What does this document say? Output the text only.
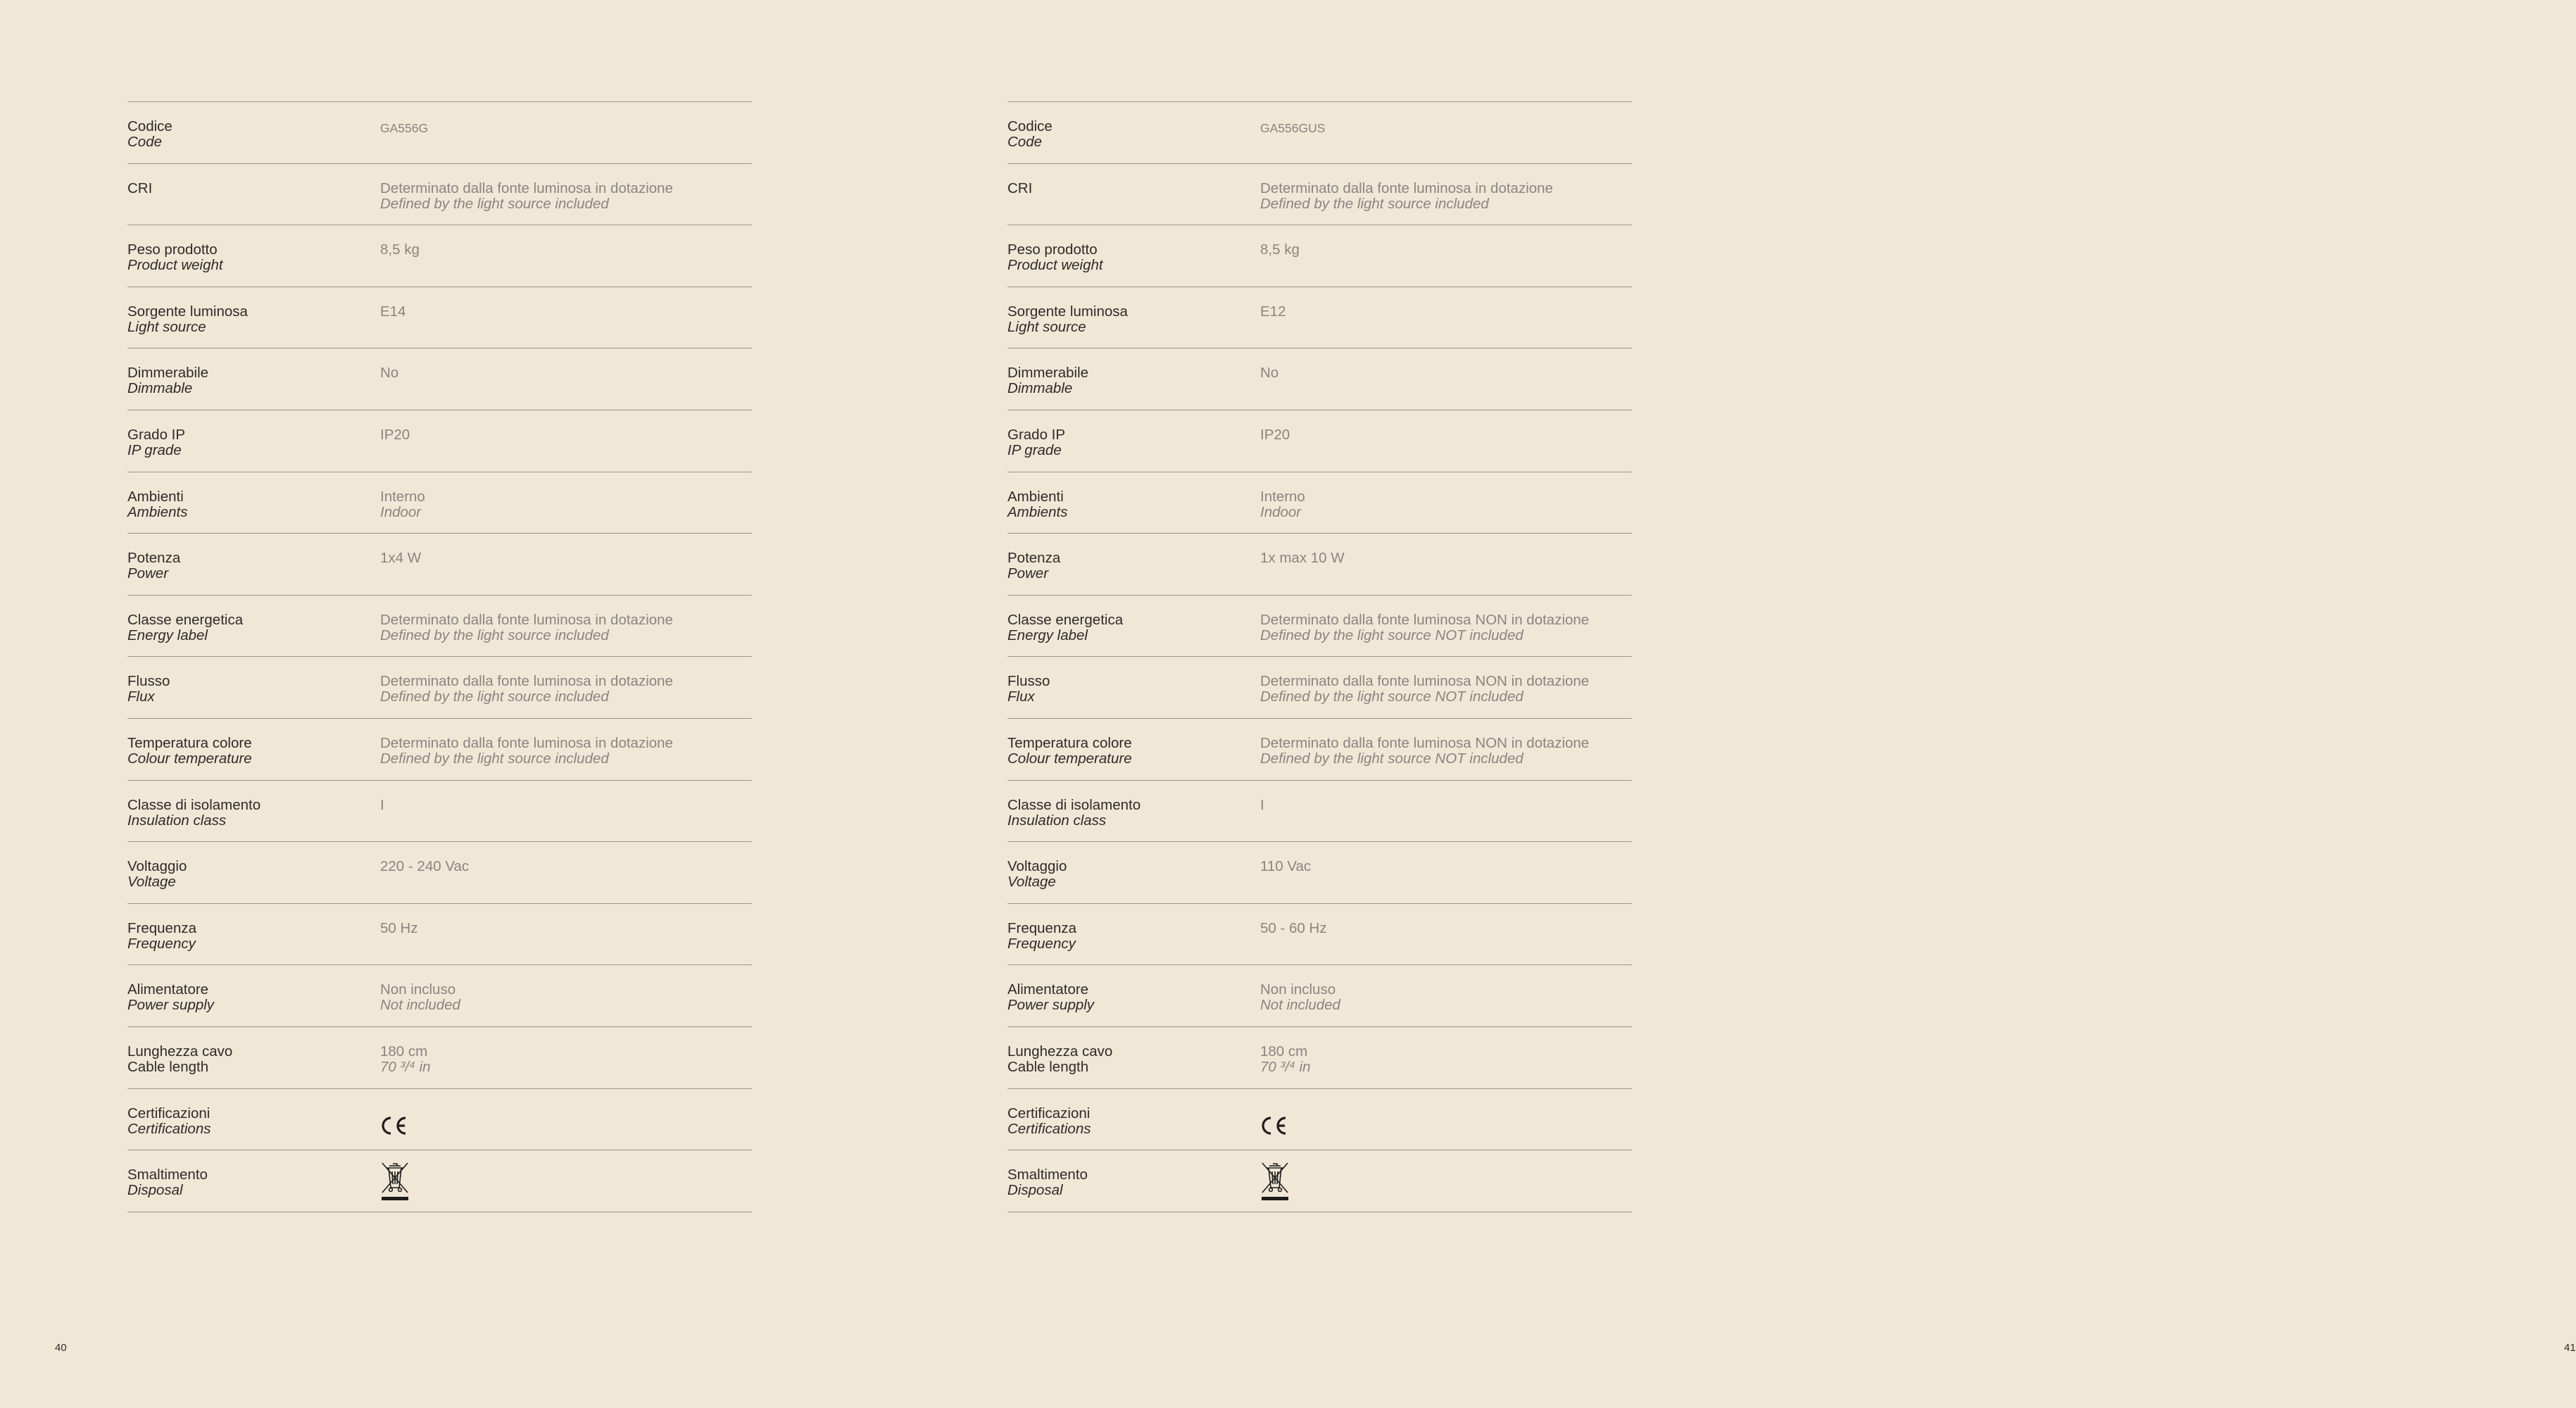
Codice
Code
GA556G
CRI	Determinato dalla fonte luminosa in dotazione
Defined by the light source included
Peso prodotto
Product weight
8,5 kg
Sorgente luminosa
Light source
E14
Dimmerabile
Dimmable
No
Grado IP
IP grade
IP20
Ambienti
Ambients
Interno
Indoor
Potenza
Power
1x4 W
Classe energetica
Energy label
Determinato dalla fonte luminosa in dotazione
Defined by the light source included
Flusso
Flux
Determinato dalla fonte luminosa in dotazione
Defined by the light source included
Temperatura colore
Colour temperature
Determinato dalla fonte luminosa in dotazione
Defined by the light source included
Classe di isolamento
Insulation class
I
Voltaggio
Voltage
220 - 240 Vac
Frequenza
Frequency
50 Hz
Alimentatore
Power supply
Non incluso
Not included
Lunghezza cavo
Cable length
180 cm
70 ³/⁴ in
Certificazioni
Certifications
Smaltimento
Disposal
40
Codice
Code
GA556GUS
CRI	Determinato dalla fonte luminosa in dotazione
Defined by the light source included
Peso prodotto
Product weight
8,5 kg
Sorgente luminosa
Light source
E12
Dimmerabile
Dimmable
No
Grado IP
IP grade
IP20
Ambienti
Ambients
Interno
Indoor
Potenza
Power
1x max 10 W
Classe energetica
Energy label
Determinato dalla fonte luminosa NON in dotazione
Defined by the light source NOT included
Flusso
Flux
Determinato dalla fonte luminosa NON in dotazione
Defined by the light source NOT included
Temperatura colore
Colour temperature
Determinato dalla fonte luminosa NON in dotazione
Defined by the light source NOT included
Classe di isolamento
Insulation class
I
Voltaggio
Voltage
110 Vac
Frequenza
Frequency
50 - 60 Hz
Alimentatore
Power supply
Non incluso
Not included
Lunghezza cavo
Cable length
180 cm
70 ³/⁴ in
Certificazioni
Certifications
Smaltimento
Disposal
41
